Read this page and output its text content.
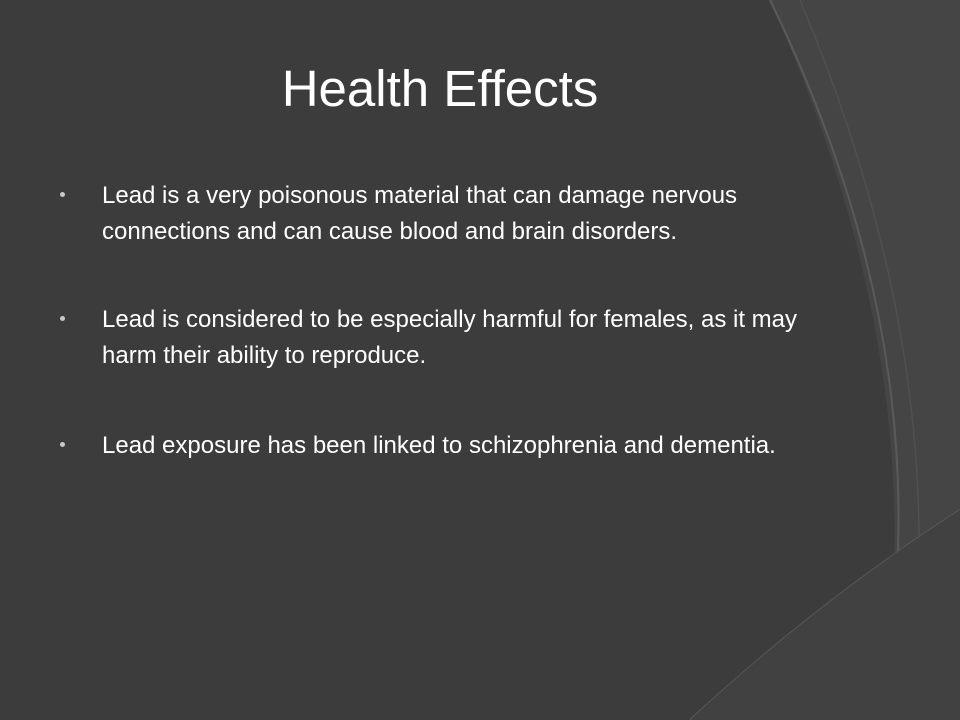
Health Effects
Lead is a very poisonous material that can damage nervous connections and can cause blood and brain disorders.
Lead is considered to be especially harmful for females, as it may harm their ability to reproduce.
Lead exposure has been linked to schizophrenia and dementia.
